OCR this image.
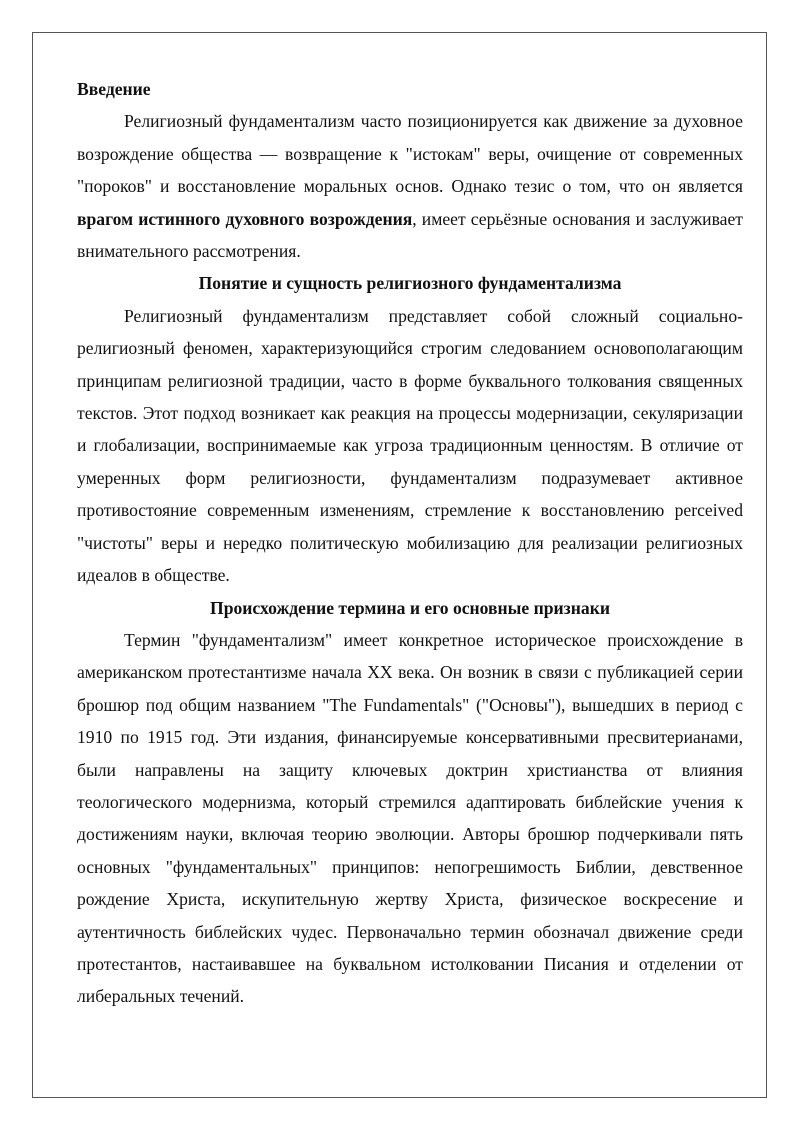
Введение

Религиозный фундаментализм часто позиционируется как движение за духовное возрождение общества — возвращение к "истокам" веры, очищение от современных "пороков" и восстановление моральных основ. Однако тезис о том, что он является врагом истинного духовного возрождения, имеет серьёзные основания и заслуживает внимательного рассмотрения.

Понятие и сущность религиозного фундаментализма

Религиозный фундаментализм представляет собой сложный социально-религиозный феномен, характеризующийся строгим следованием основополагающим принципам религиозной традиции, часто в форме буквального толкования священных текстов. Этот подход возникает как реакция на процессы модернизации, секуляризации и глобализации, воспринимаемые как угроза традиционным ценностям. В отличие от умеренных форм религиозности, фундаментализм подразумевает активное противостояние современным изменениям, стремление к восстановлению perceived "чистоты" веры и нередко политическую мобилизацию для реализации религиозных идеалов в обществе.

Происхождение термина и его основные признаки

Термин "фундаментализм" имеет конкретное историческое происхождение в американском протестантизме начала XX века. Он возник в связи с публикацией серии брошюр под общим названием "The Fundamentals" ("Основы"), вышедших в период с 1910 по 1915 год. Эти издания, финансируемые консервативными пресвитерианами, были направлены на защиту ключевых доктрин христианства от влияния теологического модернизма, который стремился адаптировать библейские учения к достижениям науки, включая теорию эволюции. Авторы брошюр подчеркивали пять основных "фундаментальных" принципов: непогрешимость Библии, девственное рождение Христа, искупительную жертву Христа, физическое воскресение и аутентичность библейских чудес. Первоначально термин обозначал движение среди протестантов, настаивавшее на буквальном истолковании Писания и отделении от либеральных течений.
